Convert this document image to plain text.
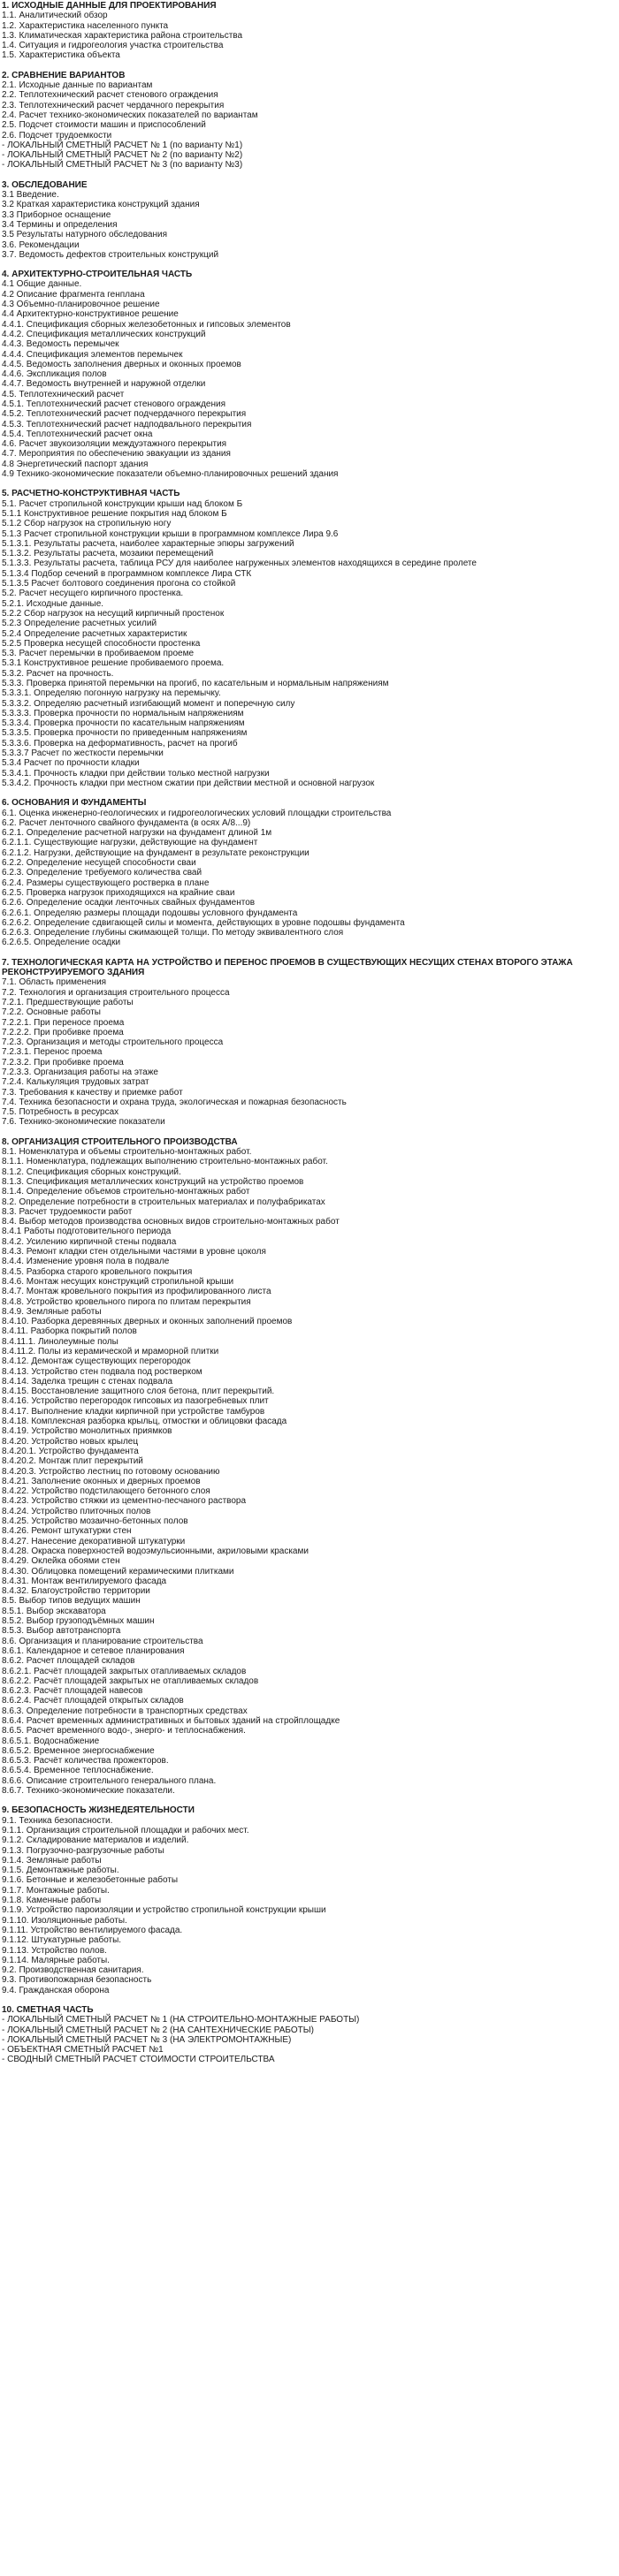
1. ИСХОДНЫЕ ДАННЫЕ ДЛЯ ПРОЕКТИРОВАНИЯ
1.1. Аналитический обзор
1.2. Характеристика населенного пункта
1.3. Климатическая характеристика района строительства
1.4. Ситуация и гидрогеология участка строительства
1.5. Характеристика объекта
2. СРАВНЕНИЕ ВАРИАНТОВ
2.1. Исходные данные по вариантам
2.2. Теплотехнический расчет стенового ограждения
2.3. Теплотехнический расчет чердачного перекрытия
2.4. Расчет технико-экономических показателей по вариантам
2.5. Подсчет стоимости машин и приспособлений
2.6. Подсчет трудоемкости
- ЛОКАЛЬНЫЙ СМЕТНЫЙ РАСЧЕТ № 1 (по варианту №1)
- ЛОКАЛЬНЫЙ СМЕТНЫЙ РАСЧЕТ № 2 (по варианту №2)
- ЛОКАЛЬНЫЙ СМЕТНЫЙ РАСЧЕТ № 3 (по варианту №3)
3. ОБСЛЕДОВАНИЕ
3.1 Введение.
3.2 Краткая характеристика конструкций здания
3.3 Приборное оснащение
3.4 Термины и определения
3.5 Результаты натурного обследования
3.6. Рекомендации
3.7. Ведомость дефектов строительных конструкций
4. АРХИТЕКТУРНО-СТРОИТЕЛЬНАЯ ЧАСТЬ
4.1 Общие данные.
4.2 Описание фрагмента генплана
4.3 Объемно-планировочное решение
4.4 Архитектурно-конструктивное решение
4.4.1. Спецификация сборных железобетонных и гипсовых элементов
4.4.2. Спецификация металлических конструкций
4.4.3. Ведомость перемычек
4.4.4. Спецификация элементов перемычек
4.4.5. Ведомость заполнения дверных и оконных проемов
4.4.6. Экспликация полов
4.4.7. Ведомость внутренней и наружной отделки
4.5. Теплотехнический расчет
4.5.1. Теплотехнический расчет стенового ограждения
4.5.2. Теплотехнический расчет подчердачного перекрытия
4.5.3. Теплотехнический расчет надподвального перекрытия
4.5.4. Теплотехнический расчет окна
4.6. Расчет звукоизоляции междуэтажного перекрытия
4.7. Мероприятия по обеспечению эвакуации из здания
4.8 Энергетический паспорт здания
4.9 Технико-экономические показатели объемно-планировочных решений здания
5. РАСЧЕТНО-КОНСТРУКТИВНАЯ ЧАСТЬ
5.1. Расчет стропильной конструкции крыши над блоком Б
5.1.1 Конструктивное решение покрытия над блоком Б
5.1.2 Сбор нагрузок на стропильную ногу
5.1.3 Расчет стропильной конструкции крыши в программном комплексе Лира 9.6
5.1.3.1. Результаты расчета, наиболее характерные эпюры загружений
5.1.3.2. Результаты расчета, мозаики перемещений
5.1.3.3. Результаты расчета, таблица РСУ для наиболее нагруженных элементов находящихся в середине пролете
5.1.3.4 Подбор сечений в программном комплексе Лира СТК
5.1.3.5 Расчет болтового соединения прогона со стойкой
5.2. Расчет несущего кирпичного простенка.
5.2.1. Исходные данные.
5.2.2 Сбор нагрузок на несущий кирпичный простенок
5.2.3 Определение расчетных усилий
5.2.4 Определение расчетных характеристик
5.2.5 Проверка несущей способности простенка
5.3. Расчет перемычки в пробиваемом проеме
5.3.1 Конструктивное решение пробиваемого проема.
5.3.2. Расчет на прочность.
5.3.3. Проверка принятой перемычки на прогиб, по касательным и нормальным напряжениям
5.3.3.1. Определяю погонную нагрузку на перемычку.
5.3.3.2. Определяю расчетный изгибающий момент и поперечную силу
5.3.3.3. Проверка прочности по нормальным напряжениям
5.3.3.4. Проверка прочности по касательным напряжениям
5.3.3.5. Проверка прочности по приведенным напряжениям
5.3.3.6. Проверка на деформативность, расчет на прогиб
5.3.3.7 Расчет по жесткости перемычки
5.3.4 Расчет по прочности кладки
5.3.4.1. Прочность кладки при действии только местной нагрузки
5.3.4.2. Прочность кладки при местном сжатии при действии местной и основной нагрузок
6. ОСНОВАНИЯ И ФУНДАМЕНТЫ
6.1. Оценка инженерно-геологических и гидрогеологических условий площадки строительства
6.2. Расчет ленточного свайного фундамента (в осях А/8...9)
6.2.1. Определение расчетной нагрузки на фундамент длиной 1м
6.2.1.1. Существующие нагрузки, действующие на фундамент
6.2.1.2. Нагрузки, действующие на фундамент в результате реконструкции
6.2.2. Определение несущей способности сваи
6.2.3. Определение требуемого количества свай
6.2.4. Размеры существующего ростверка в плане
6.2.5. Проверка нагрузок приходящихся на крайние сваи
6.2.6. Определение осадки ленточных свайных фундаментов
6.2.6.1. Определяю размеры площади подошвы условного фундамента
6.2.6.2. Определение сдвигающей силы и момента, действующих в уровне подошвы фундамента
6.2.6.3. Определение глубины сжимающей толщи. По методу эквивалентного слоя
6.2.6.5. Определение осадки
7. ТЕХНОЛОГИЧЕСКАЯ КАРТА НА УСТРОЙСТВО И ПЕРЕНОС ПРОЕМОВ В СУЩЕСТВУЮЩИХ НЕСУЩИХ СТЕНАХ ВТОРОГО ЭТАЖА РЕКОНСТРУИРУЕМОГО ЗДАНИЯ
7.1. Область применения
7.2. Технология и организация строительного процесса
7.2.1. Предшествующие работы
7.2.2. Основные работы
7.2.2.1. При переносе проема
7.2.2.2. При пробивке проема
7.2.3. Организация и методы строительного процесса
7.2.3.1. Перенос проема
7.2.3.2. При пробивке проема
7.2.3.3. Организация работы на этаже
7.2.4. Калькуляция трудовых затрат
7.3. Требования к качеству и приемке работ
7.4. Техника безопасности и охрана труда, экологическая и пожарная безопасность
7.5. Потребность в ресурсах
7.6. Технико-экономические показатели
8. ОРГАНИЗАЦИЯ СТРОИТЕЛЬНОГО ПРОИЗВОДСТВА
8.1. Номенклатура и объемы строительно-монтажных работ.
8.1.1. Номенклатура, подлежащих выполнению строительно-монтажных работ.
8.1.2. Спецификация сборных конструкций.
8.1.3. Спецификация металлических конструкций на устройство проемов
8.1.4. Определение объемов строительно-монтажных работ
8.2. Определение потребности в строительных материалах и полуфабрикатах
8.3. Расчет трудоемкости работ
8.4. Выбор методов производства основных видов строительно-монтажных работ
8.4.1 Работы подготовительного периода
8.4.2. Усилению кирпичной стены подвала
8.4.3. Ремонт кладки стен отдельными частями в уровне цоколя
8.4.4. Изменение уровня пола в подвале
8.4.5. Разборка старого кровельного покрытия
8.4.6. Монтаж несущих конструкций стропильной крыши
8.4.7. Монтаж кровельного покрытия из профилированного листа
8.4.8. Устройство кровельного пирога по плитам перекрытия
8.4.9. Земляные работы
8.4.10. Разборка деревянных дверных и оконных заполнений проемов
8.4.11. Разборка покрытий полов
8.4.11.1. Линолеумные полы
8.4.11.2. Полы из керамической и мраморной плитки
8.4.12. Демонтаж существующих перегородок
8.4.13. Устройство стен подвала под ростверком
8.4.14. Заделка трещин с стенах подвала
8.4.15. Восстановление защитного слоя бетона, плит перекрытий.
8.4.16. Устройство перегородок гипсовых из пазогребневых плит
8.4.17. Выполнение кладки кирпичной при устройстве тамбуров
8.4.18. Комплексная разборка крыльц, отмостки и облицовки фасада
8.4.19. Устройство монолитных приямков
8.4.20. Устройство новых крылец
8.4.20.1. Устройство фундамента
8.4.20.2. Монтаж плит перекрытий
8.4.20.3. Устройство лестниц по готовому основанию
8.4.21. Заполнение оконных и дверных проемов
8.4.22. Устройство подстилающего бетонного слоя
8.4.23. Устройство стяжки из цементно-песчаного раствора
8.4.24. Устройство плиточных полов
8.4.25. Устройство мозаично-бетонных полов
8.4.26. Ремонт штукатурки стен
8.4.27. Нанесение декоративной штукатурки
8.4.28. Окраска поверхностей водоэмульсионными, акриловыми красками
8.4.29. Оклейка обоями стен
8.4.30. Облицовка помещений керамическими плитками
8.4.31. Монтаж вентилируемого фасада
8.4.32. Благоустройство территории
8.5. Выбор типов ведущих машин
8.5.1. Выбор экскаватора
8.5.2. Выбор грузоподъёмных машин
8.5.3. Выбор автотранспорта
8.6. Организация и планирование строительства
8.6.1. Календарное и сетевое планирования
8.6.2. Расчет площадей складов
8.6.2.1. Расчёт площадей закрытых отапливаемых складов
8.6.2.2. Расчёт площадей закрытых не отапливаемых складов
8.6.2.3. Расчёт площадей навесов
8.6.2.4. Расчёт площадей открытых складов
8.6.3. Определение потребности в транспортных средствах
8.6.4. Расчет временных административных и бытовых зданий на стройплощадке
8.6.5. Расчет временного водо-, энерго- и теплоснабжения.
8.6.5.1. Водоснабжение
8.6.5.2. Временное энергоснабжение
8.6.5.3. Расчёт количества прожекторов.
8.6.5.4. Временное теплоснабжение.
8.6.6. Описание строительного генерального плана.
8.6.7. Технико-экономические показатели.
9. БЕЗОПАСНОСТЬ ЖИЗНЕДЕЯТЕЛЬНОСТИ
9.1. Техника безопасности.
9.1.1. Организация строительной площадки и рабочих мест.
9.1.2. Складирование материалов и изделий.
9.1.3. Погрузочно-разгрузочные работы
9.1.4. Земляные работы
9.1.5. Демонтажные работы.
9.1.6. Бетонные и железобетонные работы
9.1.7. Монтажные работы.
9.1.8. Каменные работы
9.1.9. Устройство пароизоляции и устройство стропильной конструкции крыши
9.1.10. Изоляционные работы.
9.1.11. Устройство вентилируемого фасада.
9.1.12. Штукатурные работы.
9.1.13. Устройство полов.
9.1.14. Малярные работы.
9.2. Производственная санитария.
9.3. Противопожарная безопасность
9.4. Гражданская оборона
10. СМЕТНАЯ ЧАСТЬ
- ЛОКАЛЬНЫЙ СМЕТНЫЙ РАСЧЕТ № 1 (НА СТРОИТЕЛЬНО-МОНТАЖНЫЕ РАБОТЫ)
- ЛОКАЛЬНЫЙ СМЕТНЫЙ РАСЧЕТ № 2 (НА САНТЕХНИЧЕСКИЕ РАБОТЫ)
- ЛОКАЛЬНЫЙ СМЕТНЫЙ РАСЧЕТ № 3 (НА ЭЛЕКТРОМОНТАЖНЫЕ)
- ОБЪЕКТНАЯ СМЕТНЫЙ РАСЧЕТ №1
- СВОДНЫЙ СМЕТНЫЙ РАСЧЕТ СТОИМОСТИ СТРОИТЕЛЬСТВА
